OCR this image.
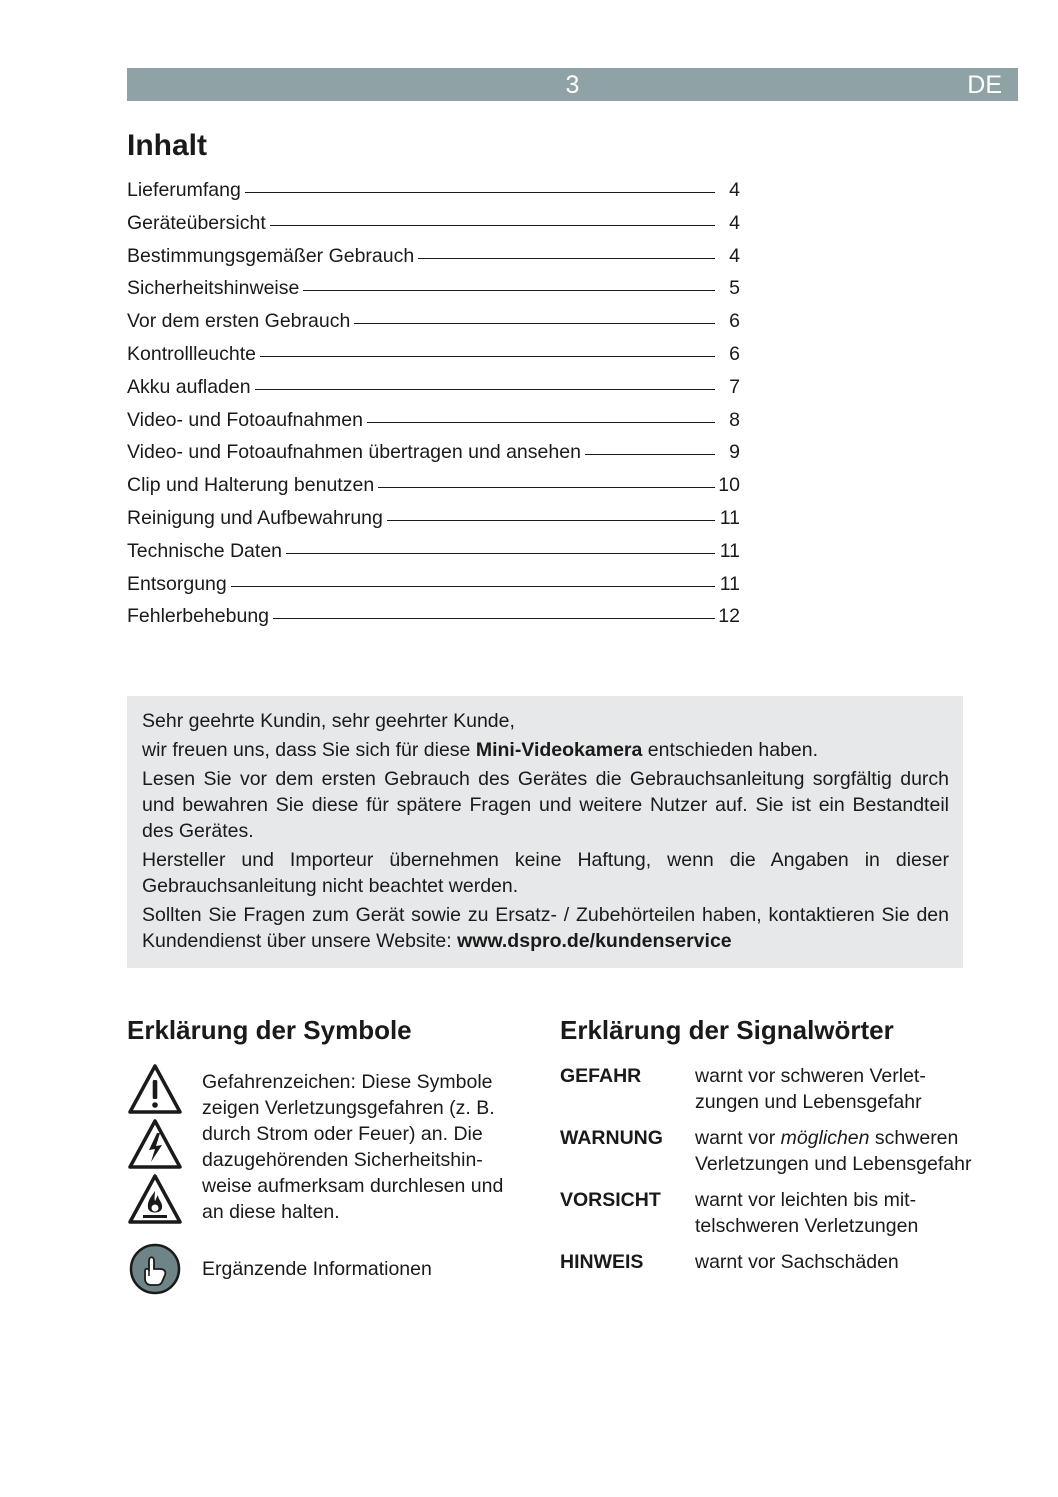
3	DE
Inhalt
Lieferumfang	4
Geräteübersicht	4
Bestimmungsgemäßer Gebrauch	4
Sicherheitshinweise	5
Vor dem ersten Gebrauch	6
Kontrollleuchte	6
Akku aufladen	7
Video- und Fotoaufnahmen	8
Video- und Fotoaufnahmen übertragen und ansehen	9
Clip und Halterung benutzen	10
Reinigung und Aufbewahrung	11
Technische Daten	11
Entsorgung	11
Fehlerbehebung	12

Sehr geehrte Kundin, sehr geehrter Kunde,

wir freuen uns, dass Sie sich für diese Mini-Videokamera entschieden haben.

Lesen Sie vor dem ersten Gebrauch des Gerätes die Gebrauchsanleitung sorgfältig durch und bewahren Sie diese für spätere Fragen und weitere Nutzer auf. Sie ist ein Bestandteil des Gerätes.

Hersteller und Importeur übernehmen keine Haftung, wenn die Angaben in dieser Gebrauchsanleitung nicht beachtet werden.

Sollten Sie Fragen zum Gerät sowie zu Ersatz- / Zubehörteilen haben, kontaktieren Sie den Kundendienst über unsere Website: www.dspro.de/kundenservice

Erklärung der Symbole	Erklärung der Signalwörter
Gefahrenzeichen: Diese Symbole zeigen Verletzungsgefahren (z. B. durch Strom oder Feuer) an. Die dazugehörenden Sicherheitshin-weise aufmerksam durchlesen und an diese halten.
Ergänzende Informationen
GEFAHR	warnt vor schweren Verlet-zungen und Lebensgefahr
WARNUNG	warnt vor möglichen schweren Verletzungen und Lebensgefahr
VORSICHT	warnt vor leichten bis mit-telschweren Verletzungen
HINWEIS	warnt vor Sachschäden
